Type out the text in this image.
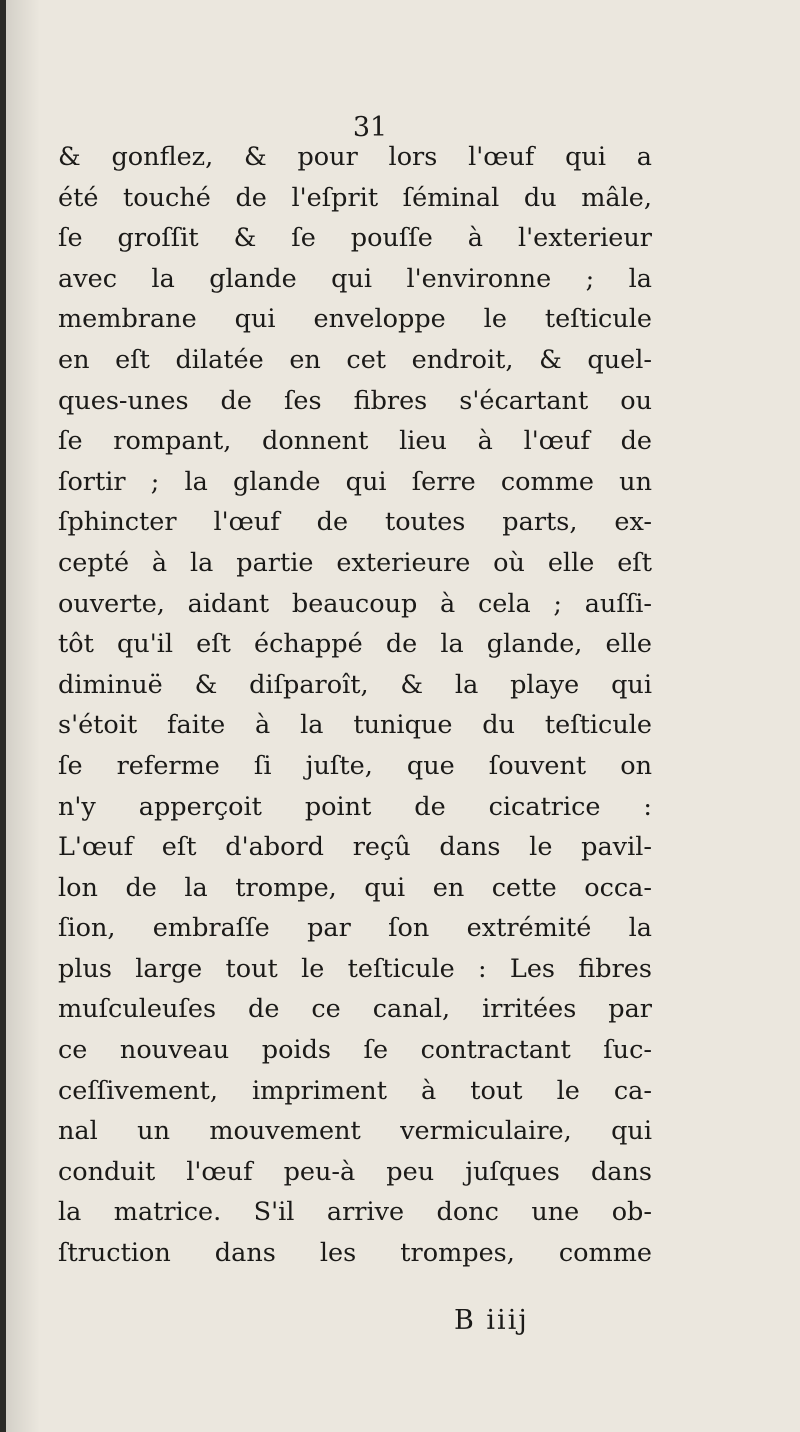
31
& gonflez, & pour lors l'œuf qui a
été touché de l'eſprit ſéminal du mâle,
ſe groſſit & ſe pouſſe à l'exterieur
avec la glande qui l'environne ; la
membrane qui enveloppe le teſticule
en eſt dilatée en cet endroit, & quel-
ques-unes de ſes fibres s'écartant ou
ſe rompant, donnent lieu à l'œuf de
ſortir ; la glande qui ſerre comme un
ſphincter l'œuf de toutes parts, ex-
cepté à la partie exterieure où elle eſt
ouverte, aidant beaucoup à cela ; auſſi-
tôt qu'il eſt échappé de la glande, elle
diminuë & diſparoît, & la playe qui
s'étoit faite à la tunique du teſticule
ſe referme ſi juſte, que ſouvent on
n'y apperçoit point de cicatrice :
L'œuf eſt d'abord reçû dans le pavil-
lon de la trompe, qui en cette occa-
ſion, embraſſe par ſon extrémité la
plus large tout le teſticule : Les fibres
muſculeuſes de ce canal, irritées par
ce nouveau poids ſe contractant ſuc-
ceſſivement, impriment à tout le ca-
nal un mouvement vermiculaire, qui
conduit l'œuf peu-à peu juſques dans
la matrice. S'il arrive donc une ob-
ſtruction dans les trompes, comme
B iiij
